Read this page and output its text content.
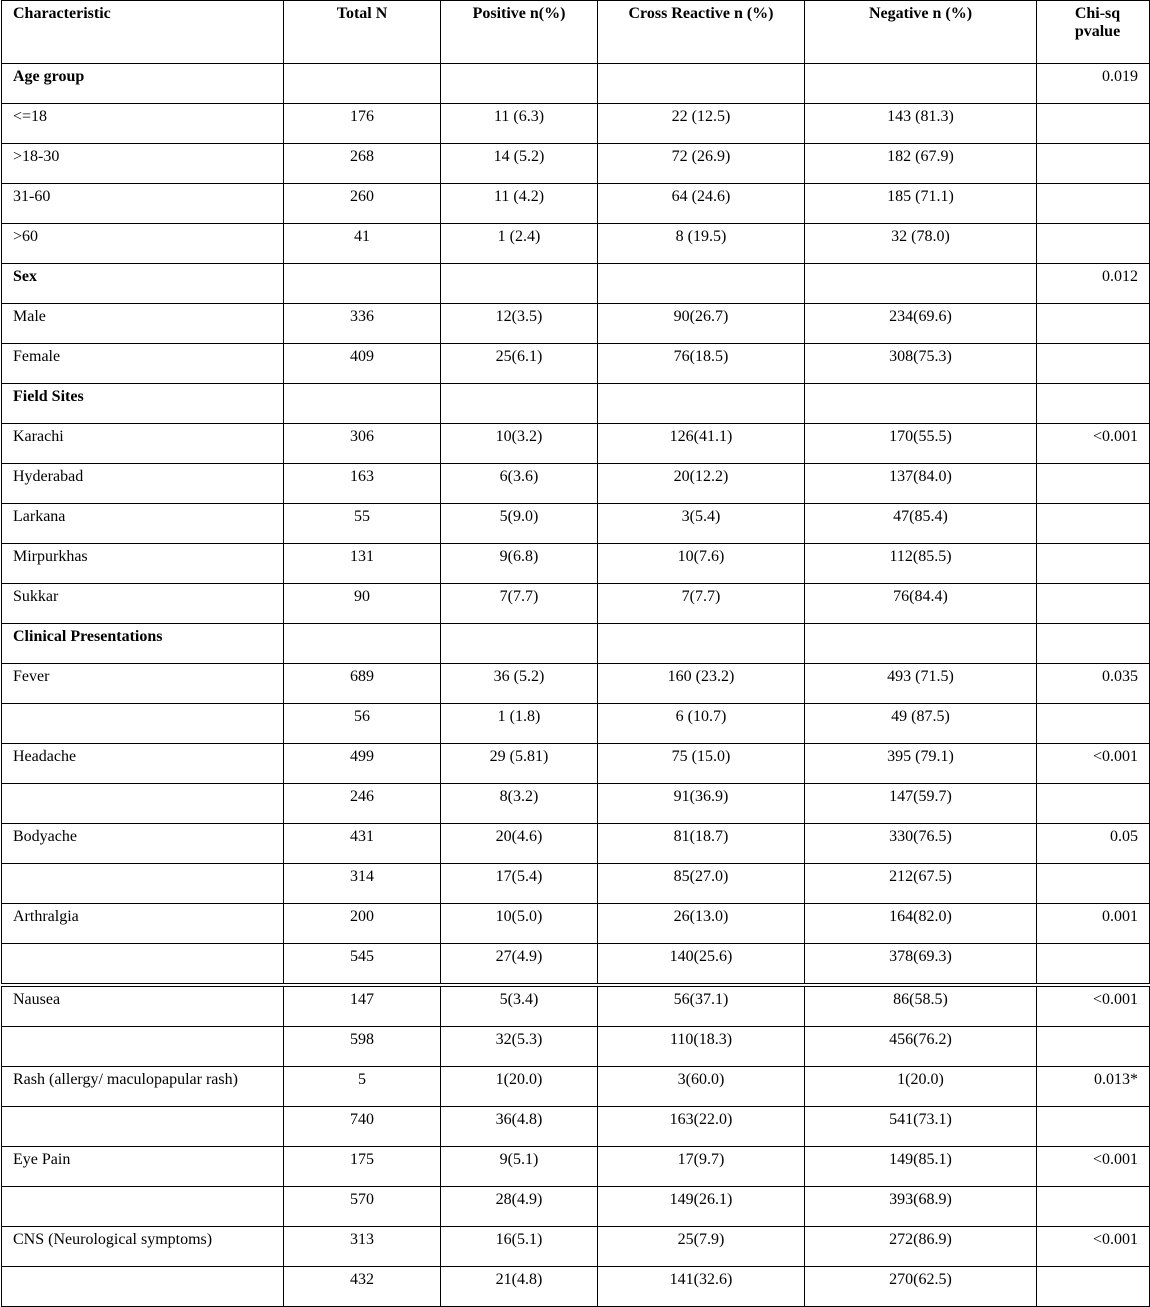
Characteristic	Total N	Positive n(%)	Cross Reactive n (%)	Negative n (%)	Chi-sq pvalue
Age group					0.019
<=18	176	11 (6.3)	22 (12.5)	143 (81.3)	
>18-30	268	14 (5.2)	72 (26.9)	182 (67.9)	
31-60	260	11 (4.2)	64 (24.6)	185 (71.1)	
>60	41	1 (2.4)	8 (19.5)	32 (78.0)	
Sex					0.012
Male	336	12(3.5)	90(26.7)	234(69.6)	
Female	409	25(6.1)	76(18.5)	308(75.3)	
Field Sites					
Karachi	306	10(3.2)	126(41.1)	170(55.5)	<0.001
Hyderabad	163	6(3.6)	20(12.2)	137(84.0)	
Larkana	55	5(9.0)	3(5.4)	47(85.4)	
Mirpurkhas	131	9(6.8)	10(7.6)	112(85.5)	
Sukkar	90	7(7.7)	7(7.7)	76(84.4)	
Clinical Presentations					
Fever	689	36 (5.2)	160 (23.2)	493 (71.5)	0.035
	56	1 (1.8)	6 (10.7)	49 (87.5)	
Headache	499	29 (5.81)	75 (15.0)	395 (79.1)	<0.001
	246	8(3.2)	91(36.9)	147(59.7)	
Bodyache	431	20(4.6)	81(18.7)	330(76.5)	0.05
	314	17(5.4)	85(27.0)	212(67.5)	
Arthralgia	200	10(5.0)	26(13.0)	164(82.0)	0.001
	545	27(4.9)	140(25.6)	378(69.3)	
Nausea	147	5(3.4)	56(37.1)	86(58.5)	<0.001
	598	32(5.3)	110(18.3)	456(76.2)	
Rash (allergy/ maculopapular rash)	5	1(20.0)	3(60.0)	1(20.0)	0.013*
	740	36(4.8)	163(22.0)	541(73.1)	
Eye Pain	175	9(5.1)	17(9.7)	149(85.1)	<0.001
	570	28(4.9)	149(26.1)	393(68.9)	
CNS (Neurological symptoms)	313	16(5.1)	25(7.9)	272(86.9)	<0.001
	432	21(4.8)	141(32.6)	270(62.5)	
